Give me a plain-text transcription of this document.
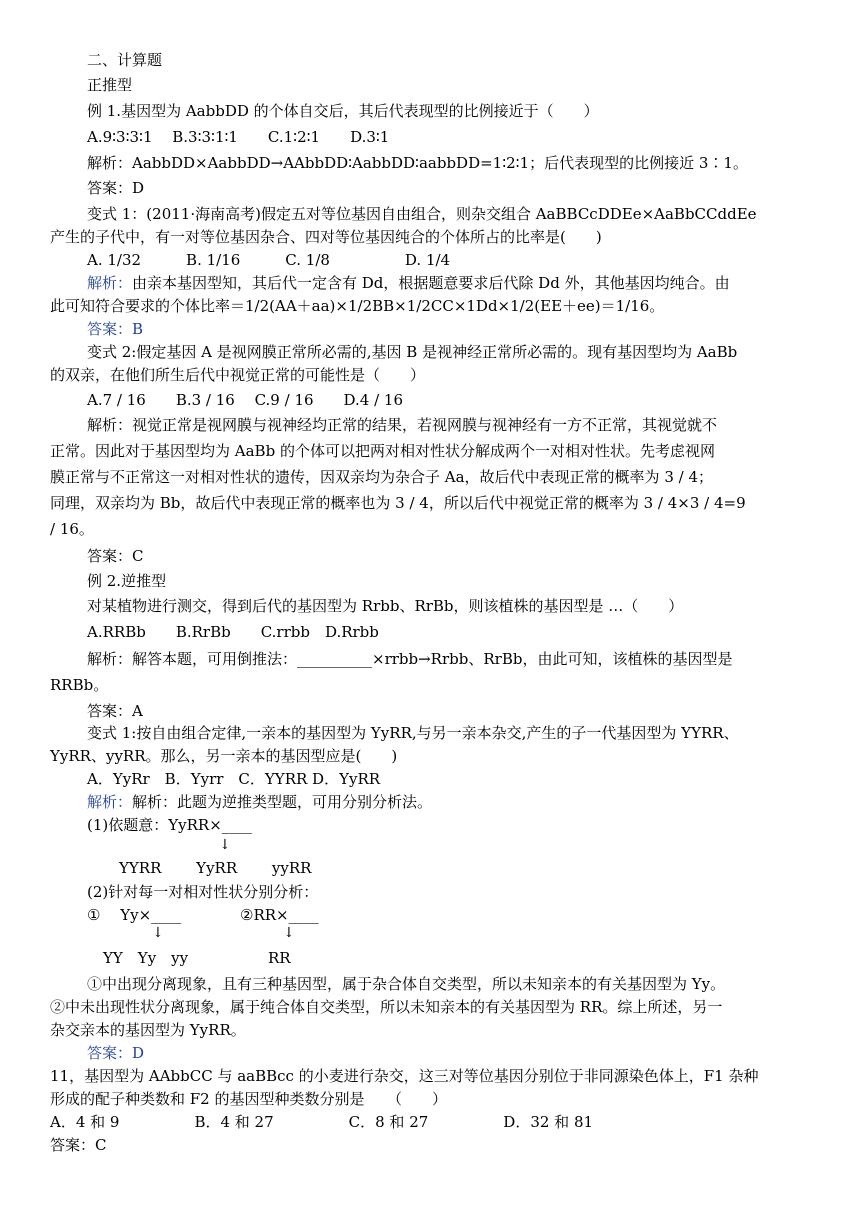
二、计算题
正推型
例 1.基因型为 AabbDD 的个体自交后，其后代表现型的比例接近于（　　）
A.9∶3∶3∶1　 B.3∶3∶1∶1　　C.1∶2∶1　　D.3∶1
解析：AabbDD×AabbDD→AAbbDD∶AabbDD∶aabbDD=1∶2∶1；后代表现型的比例接近 3∶1。
答案：D
变式 1：(2011·海南高考)假定五对等位基因自由组合，则杂交组合 AaBBCcDDEe×AaBbCCddEe
产生的子代中，有一对等位基因杂合、四对等位基因纯合的个体所占的比率是(　　)
A. 1/32　　　B. 1/16　　　C. 1/8　　　　　D. 1/4
解析：由亲本基因型知，其后代一定含有 Dd，根据题意要求后代除 Dd 外，其他基因均纯合。由
此可知符合要求的个体比率＝1/2(AA＋aa)×1/2BB×1/2CC×1Dd×1/2(EE＋ee)＝1/16。
答案：B
变式 2:假定基因 A 是视网膜正常所必需的,基因 B 是视神经正常所必需的。现有基因型均为 AaBb
的双亲，在他们所生后代中视觉正常的可能性是（　　）
A.7 / 16　　B.3 / 16　 C.9 / 16　　D.4 / 16
解析：视觉正常是视网膜与视神经均正常的结果，若视网膜与视神经有一方不正常，其视觉就不
正常。因此对于基因型均为 AaBb 的个体可以把两对相对性状分解成两个一对相对性状。先考虑视网
膜正常与不正常这一对相对性状的遗传，因双亲均为杂合子 Aa，故后代中表现正常的概率为 3 / 4；
同理，双亲均为 Bb，故后代中表现正常的概率也为 3 / 4，所以后代中视觉正常的概率为 3 / 4×3 / 4=9
/ 16。
答案：C
例 2.逆推型
对某植物进行测交，得到后代的基因型为 Rrbb、RrBb，则该植株的基因型是 …（　　）
A.RRBb　　B.RrBb　　C.rrbb　D.Rrbb
解析：解答本题，可用倒推法：__________×rrbb→Rrbb、RrBb，由此可知，该植株的基因型是
RRBb。
答案：A
变式 1:按自由组合定律,一亲本的基因型为 YyRR,与另一亲本杂交,产生的子一代基因型为 YYRR、
YyRR、yyRR。那么，另一亲本的基因型应是(　　)
A．YyRr　B．Yyrr　C．YYRR D．YyRR
解析：解析：此题为逆推类型题，可用分别分析法。
(1)依题意：YyRR×____
↓
YYRR　　 YyRR　　 yyRR
(2)针对每一对相对性状分别分析：
①　 Yy×____	②RR×____
↓	↓
YY　Yy　yy	RR
①中出现分离现象，且有三种基因型，属于杂合体自交类型，所以未知亲本的有关基因型为 Yy。
②中未出现性状分离现象，属于纯合体自交类型，所以未知亲本的有关基因型为 RR。综上所述，另一
杂交亲本的基因型为 YyRR。
答案：D
11，基因型为 AAbbCC 与 aaBBcc 的小麦进行杂交，这三对等位基因分别位于非同源染色体上，F1 杂种
形成的配子种类数和 F2 的基因型种类数分别是　　（　　）
A．4 和 9　　　　　B．4 和 27　　　　　C．8 和 27　　　　　D．32 和 81
答案：C
